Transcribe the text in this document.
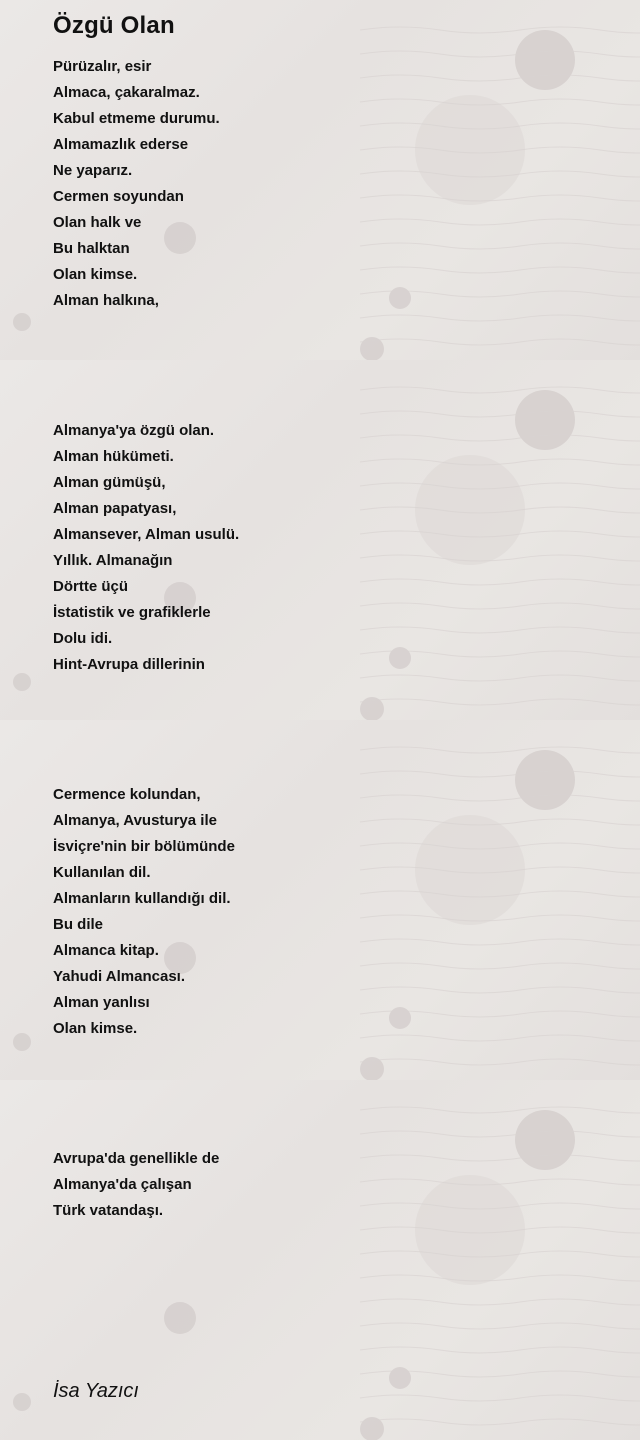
Özgü Olan
Pürüzalır, esir
Almaca, çakaralmaz.
Kabul etmeme durumu.
Almamazlık ederse
Ne yaparız.
Cermen soyundan
Olan halk ve
Bu halktan
Olan kimse.
Alman halkına,
Almanya'ya özgü olan.
Alman hükümeti.
Alman gümüşü,
Alman papatyası,
Almansever, Alman usulü.
Yıllık. Almanağın
Dörtte üçü
İstatistik ve grafiklerle
Dolu idi.
Hint-Avrupa dillerinin
Cermence kolundan,
Almanya, Avusturya ile
İsviçre'nin bir bölümünde
Kullanılan dil.
Almanların kullandığı dil.
Bu dile
Almanca kitap.
Yahudi Almancası.
Alman yanlısı
Olan kimse.
Avrupa'da genellikle de
Almanya'da çalışan
Türk vatandaşı.
İsa Yazıcı
